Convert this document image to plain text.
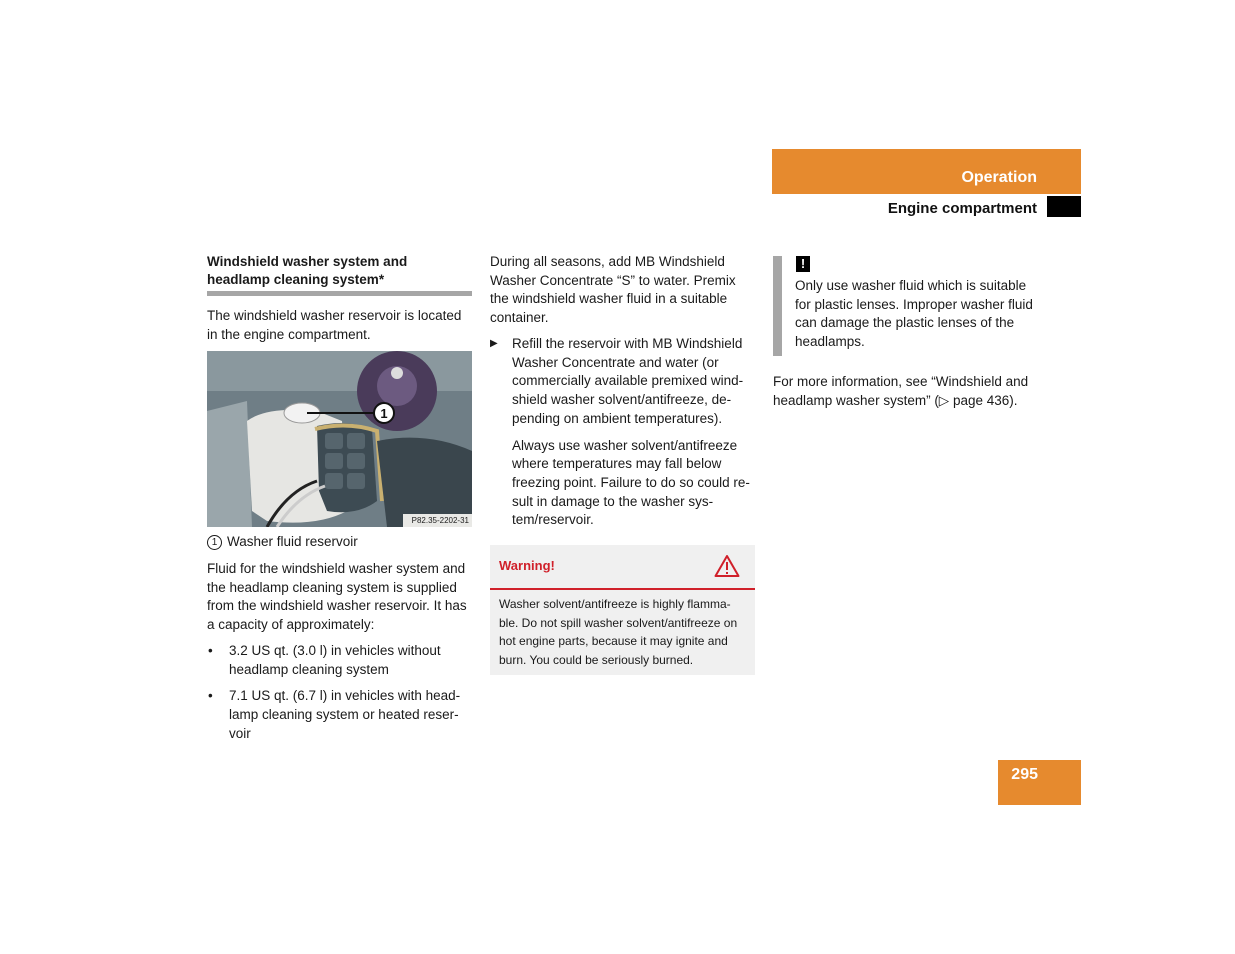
Operation
Engine compartment
Windshield washer system and headlamp cleaning system*
The windshield washer reservoir is located in the engine compartment.
1
P82.35-2202-31
1 Washer fluid reservoir
Fluid for the windshield washer system and the headlamp cleaning system is supplied from the windshield washer reservoir. It has a capacity of approximately:
• 3.2 US qt. (3.0 l) in vehicles without headlamp cleaning system
• 7.1 US qt. (6.7 l) in vehicles with head-lamp cleaning system or heated reser-voir
During all seasons, add MB Windshield Washer Concentrate “S” to water. Premix the windshield washer fluid in a suitable container.
▶	Refill the reservoir with MB Windshield Washer Concentrate and water (or commercially available premixed wind-shield washer solvent/antifreeze, de-pending on ambient temperatures).
Always use washer solvent/antifreeze where temperatures may fall below freezing point. Failure to do so could re-sult in damage to the washer sys-tem/reservoir.
Warning!
Washer solvent/antifreeze is highly flamma-ble. Do not spill washer solvent/antifreeze on hot engine parts, because it may ignite and burn. You could be seriously burned.
!
Only use washer fluid which is suitable for plastic lenses. Improper washer fluid can damage the plastic lenses of the headlamps.
For more information, see “Windshield and headlamp washer system” (▷ page 436).
295
